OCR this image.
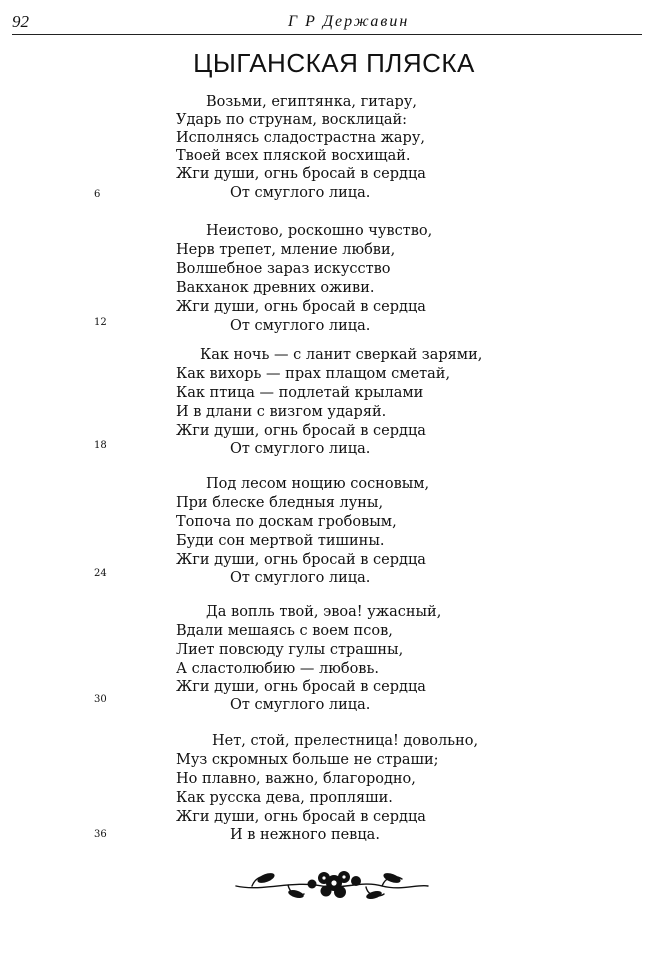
92	Г Р Державин
ЦЫГАНСКАЯ ПЛЯСКА
Возьми, египтянка, гитару,
Ударь по струнам, восклицай:
Исполнясь сладострастна жару,
Твоей всех пляской восхищай.
Жги души, огнь бросай в сердца
От смуглого лица.
6
Неистово, роскошно чувство,
Нерв трепет, мление любви,
Волшебное зараз искусство
Вакханок древних оживи.
Жги души, огнь бросай в сердца
От смуглого лица.
12
Как ночь — с ланит сверкай зарями,
Как вихорь — прах плащом сметай,
Как птица — подлетай крылами
И в длани с визгом ударяй.
Жги души, огнь бросай в сердца
От смуглого лица.
18
Под лесом нощию сосновым,
При блеске бледныя луны,
Топоча по доскам гробовым,
Буди сон мертвой тишины.
Жги души, огнь бросай в сердца
От смуглого лица.
24
Да вопль твой, эвоа! ужасный,
Вдали мешаясь с воем псов,
Лиет повсюду гулы страшны,
А сластолюбию — любовь.
Жги души, огнь бросай в сердца
От смуглого лица.
30
Нет, стой, прелестница! довольно,
Муз скромных больше не страши;
Но плавно, важно, благородно,
Как русска дева, пропляши.
Жги души, огнь бросай в сердца
И в нежного певца.
36
